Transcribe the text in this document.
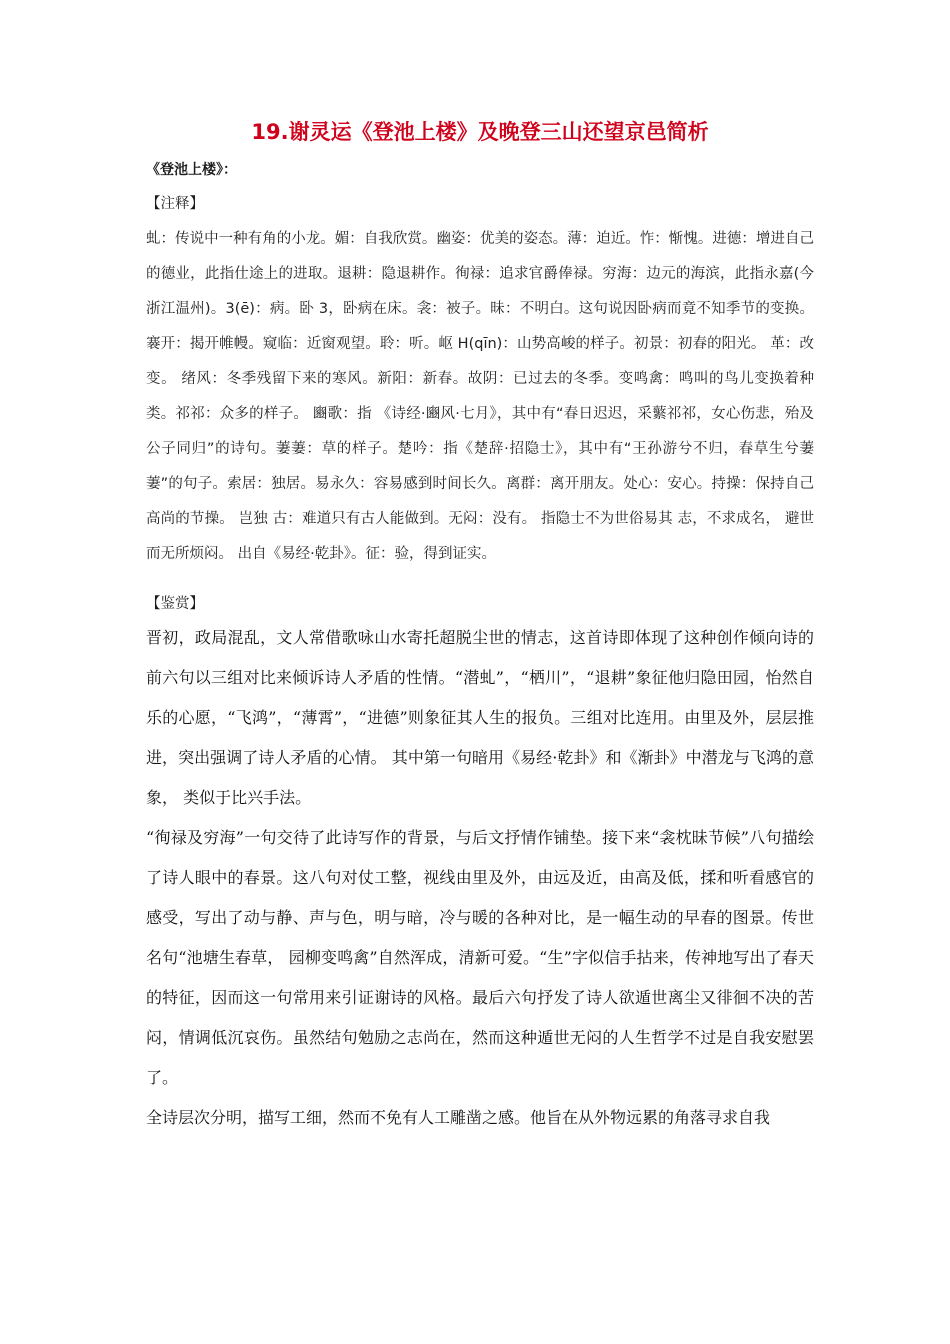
19.谢灵运《登池上楼》及晚登三山还望京邑简析
《登池上楼》：
【注释】

虬：传说中一种有角的小龙。媚：自我欣赏。幽姿：优美的姿态。薄：迫近。怍：惭愧。进德：增进自己的德业，此指仕途上的进取。退耕：隐退耕作。徇禄：追求官爵俸禄。穷海：边元的海滨，此指永嘉(今浙江温州)。3(ē)：病。卧 3，卧病在床。衾：被子。昧：不明白。这句说因卧病而竟不知季节的变换。褰开：揭开帷幔。窥临：近窗观望。聆：听。岖 H(qīn)：山势高峻的样子。初景：初春的阳光。 革：改变。 绪风：冬季残留下来的寒风。新阳：新春。故阴：已过去的冬季。变鸣禽：鸣叫的鸟儿变换着种类。祁祁：众多的样子。 豳歌：指 《诗经·豳风·七月》，其中有“春日迟迟，采蘩祁祁，女心伤悲，殆及公子同归”的诗句。萋萋：草的样子。楚吟：指《楚辞·招隐士》，其中有“王孙游兮不归，春草生兮萋萋”的句子。索居：独居。易永久：容易感到时间长久。离群：离开朋友。处心：安心。持操：保持自己高尚的节操。 岂独 古：难道只有古人能做到。无闷：没有。 指隐士不为世俗易其 志，不求成名， 避世而无所烦闷。 出自《易经·乾卦》。征：验，得到证实。

【鉴赏】

晋初，政局混乱，文人常借歌咏山水寄托超脱尘世的情志，这首诗即体现了这种创作倾向诗的前六句以三组对比来倾诉诗人矛盾的性情。“潜虬”，“栖川”，“退耕”象征他归隐田园，怡然自乐的心愿，“飞鸿”，“薄霄”，“进德”则象征其人生的报负。三组对比连用。由里及外，层层推进，突出强调了诗人矛盾的心情。 其中第一句暗用《易经·乾卦》和《渐卦》中潜龙与飞鸿的意象， 类似于比兴手法。

“徇禄及穷海”一句交待了此诗写作的背景，与后文抒情作铺垫。接下来“衾枕昧节候”八句描绘了诗人眼中的春景。这八句对仗工整，视线由里及外，由远及近，由高及低，揉和听看感官的感受，写出了动与静、声与色，明与暗，冷与暖的各种对比，是一幅生动的早春的图景。传世名句“池塘生春草， 园柳变鸣禽”自然浑成，清新可爱。“生”字似信手拈来，传神地写出了春天的特征，因而这一句常用来引证谢诗的风格。最后六句抒发了诗人欲遁世离尘又徘徊不决的苦闷，情调低沉哀伤。虽然结句勉励之志尚在，然而这种遁世无闷的人生哲学不过是自我安慰罢了。

全诗层次分明，描写工细，然而不免有人工雕凿之感。他旨在从外物远累的角落寻求自我
